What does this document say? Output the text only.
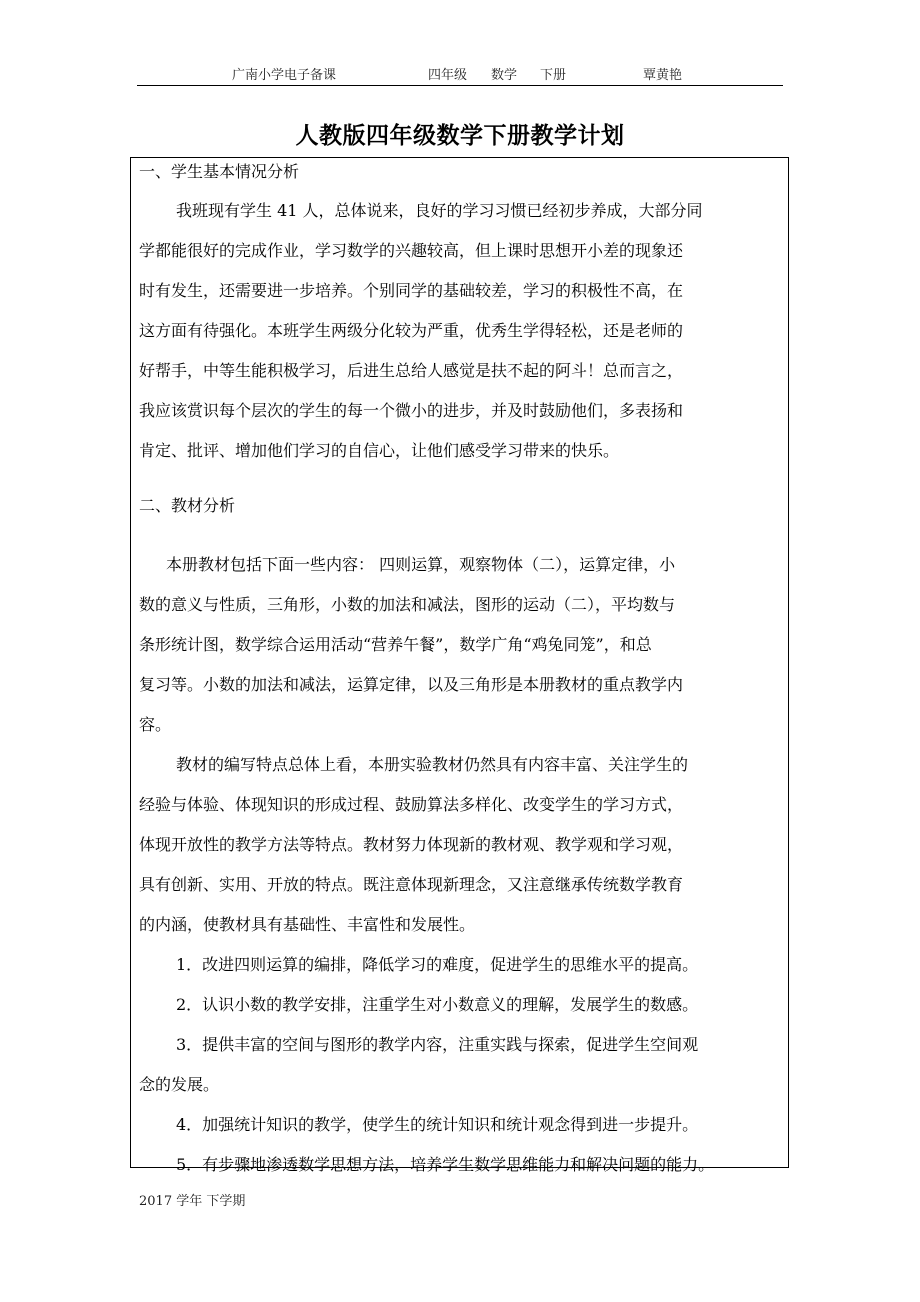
广南小学电子备课	四年级 数学 下册	覃黄艳
人教版四年级数学下册教学计划
一、学生基本情况分析
我班现有学生 41 人，总体说来，良好的学习习惯已经初步养成，大部分同
学都能很好的完成作业，学习数学的兴趣较高，但上课时思想开小差的现象还
时有发生，还需要进一步培养。个别同学的基础较差，学习的积极性不高，在
这方面有待强化。本班学生两级分化较为严重，优秀生学得轻松，还是老师的
好帮手，中等生能积极学习，后进生总给人感觉是扶不起的阿斗！总而言之，
我应该赏识每个层次的学生的每一个微小的进步，并及时鼓励他们，多表扬和
肯定、批评、增加他们学习的自信心，让他们感受学习带来的快乐。
二、教材分析
本册教材包括下面一些内容： 四则运算，观察物体（二），运算定律，小
数的意义与性质，三角形，小数的加法和减法，图形的运动（二），平均数与
条形统计图，数学综合运用活动“营养午餐”，数学广角“鸡兔同笼”，和总
复习等。小数的加法和减法，运算定律，以及三角形是本册教材的重点教学内
容。
教材的编写特点总体上看，本册实验教材仍然具有内容丰富、关注学生的
经验与体验、体现知识的形成过程、鼓励算法多样化、改变学生的学习方式，
体现开放性的教学方法等特点。教材努力体现新的教材观、教学观和学习观，
具有创新、实用、开放的特点。既注意体现新理念，又注意继承传统数学教育
的内涵，使教材具有基础性、丰富性和发展性。
1．改进四则运算的编排，降低学习的难度，促进学生的思维水平的提高。
2．认识小数的教学安排，注重学生对小数意义的理解，发展学生的数感。
3．提供丰富的空间与图形的教学内容，注重实践与探索，促进学生空间观
念的发展。
4．加强统计知识的教学，使学生的统计知识和统计观念得到进一步提升。
5．有步骤地渗透数学思想方法，培养学生数学思维能力和解决问题的能力。
2017 学年 下学期
